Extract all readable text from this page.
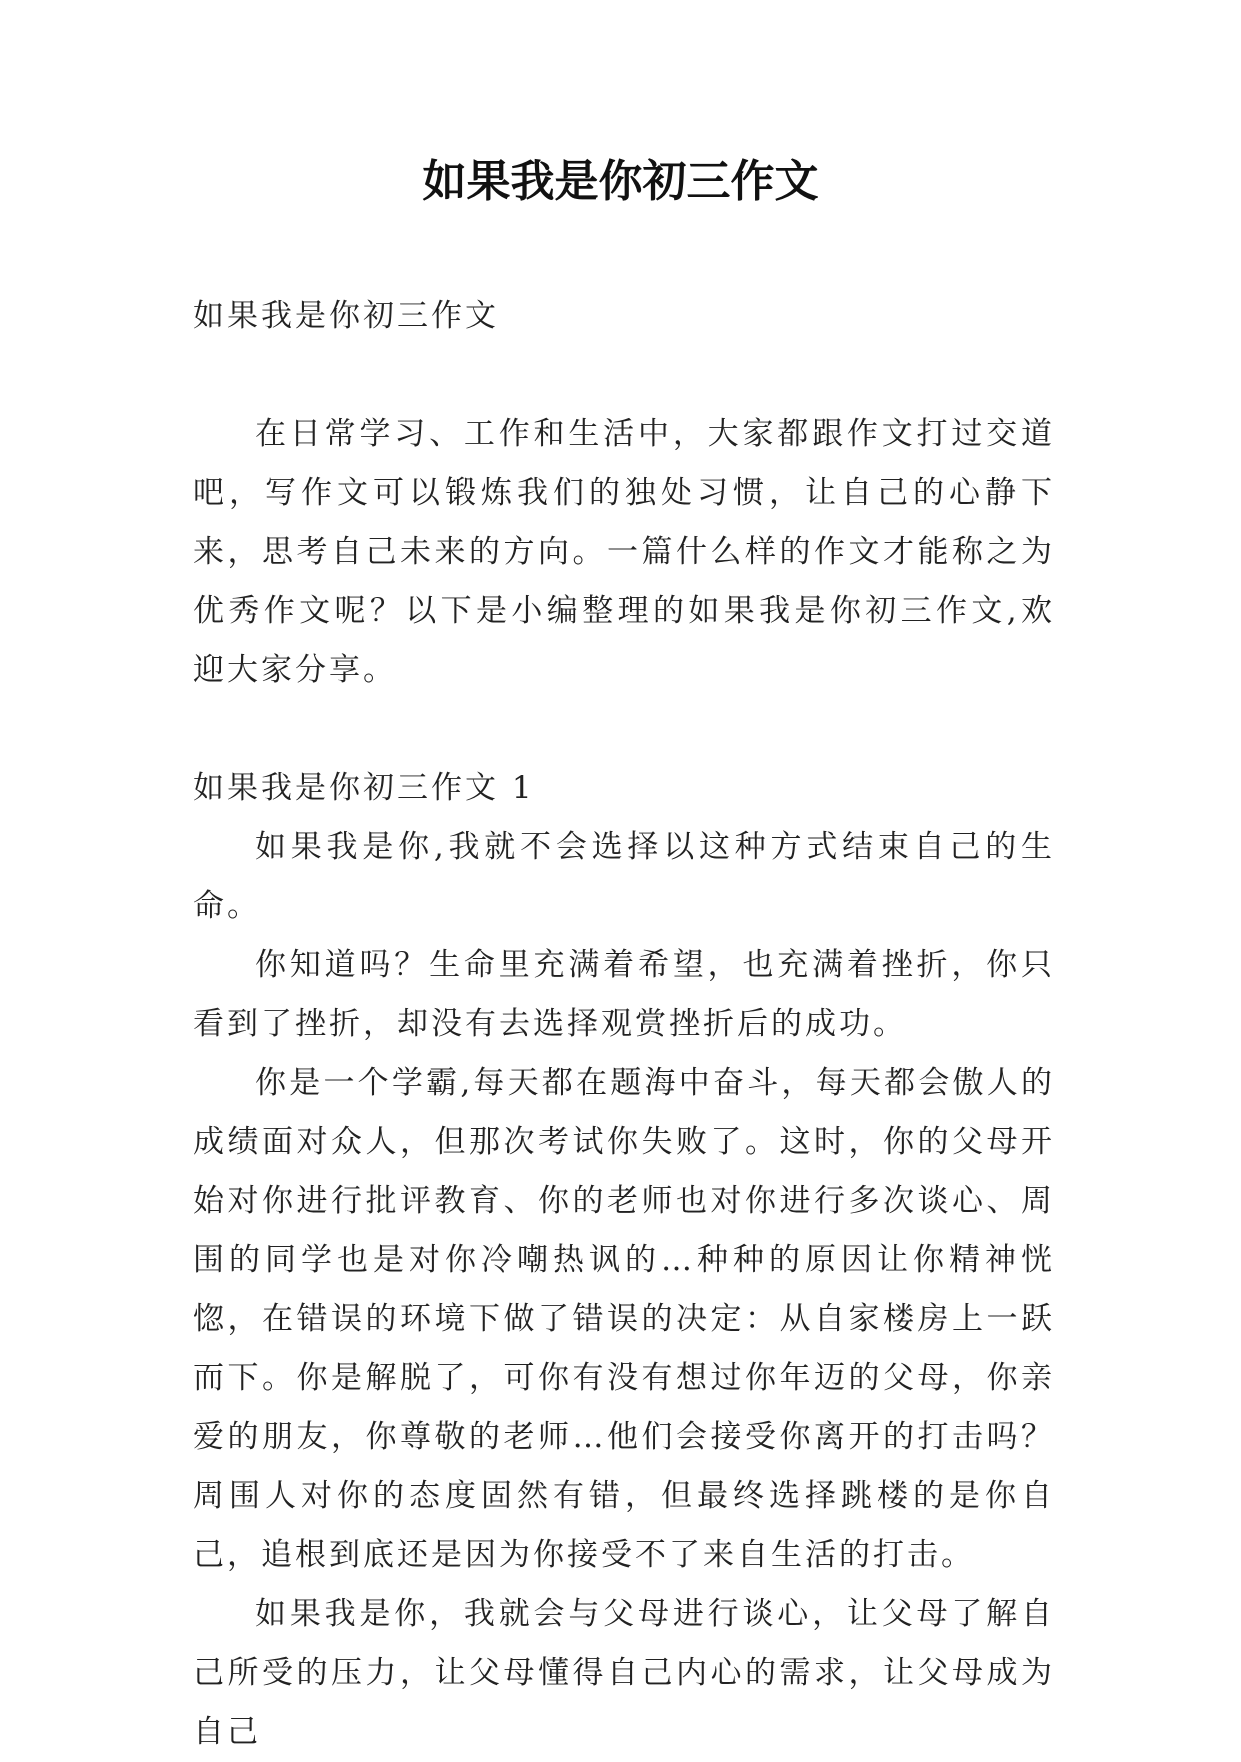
如果我是你初三作文

如果我是你初三作文

在日常学习、工作和生活中，大家都跟作文打过交道吧，写作文可以锻炼我们的独处习惯，让自己的心静下来，思考自己未来的方向。一篇什么样的作文才能称之为优秀作文呢？以下是小编整理的如果我是你初三作文,欢迎大家分享。

如果我是你初三作文 1

如果我是你,我就不会选择以这种方式结束自己的生命。

你知道吗？生命里充满着希望，也充满着挫折，你只看到了挫折，却没有去选择观赏挫折后的成功。

你是一个学霸,每天都在题海中奋斗，每天都会傲人的成绩面对众人，但那次考试你失败了。这时，你的父母开始对你进行批评教育、你的老师也对你进行多次谈心、周围的同学也是对你冷嘲热讽的…种种的原因让你精神恍惚，在错误的环境下做了错误的决定：从自家楼房上一跃而下。你是解脱了，可你有没有想过你年迈的父母，你亲爱的朋友，你尊敬的老师…他们会接受你离开的打击吗？周围人对你的态度固然有错，但最终选择跳楼的是你自己，追根到底还是因为你接受不了来自生活的打击。

如果我是你，我就会与父母进行谈心，让父母了解自己所受的压力，让父母懂得自己内心的需求，让父母成为自己
